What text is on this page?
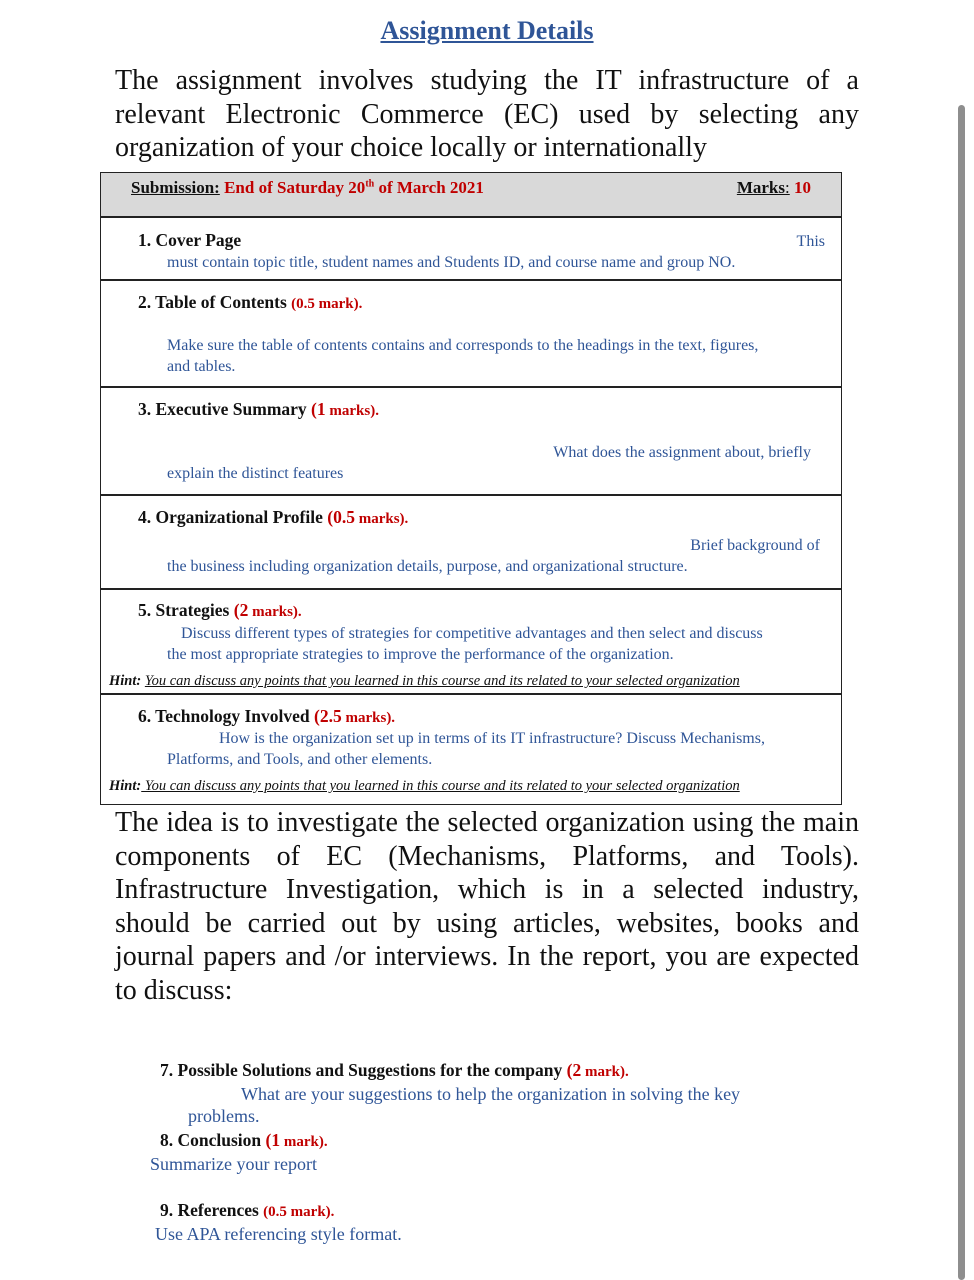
Assignment Details
The assignment involves studying the IT infrastructure of a relevant Electronic Commerce (EC) used by selecting any organization of your choice locally or internationally
Submission: End of Saturday 20th of March 2021	Marks: 10
1. Cover Page	This
must contain topic title, student names and Students ID, and course name and group NO.
2. Table of Contents (0.5 mark).
Make sure the table of contents contains and corresponds to the headings in the text, figures,
and tables.
3. Executive Summary (1 marks).
What does the assignment about, briefly
explain the distinct features
4. Organizational Profile (0.5 marks).
Brief background of
the business including organization details, purpose, and organizational structure.
5. Strategies (2 marks).
Discuss different types of strategies for competitive advantages and then select and discuss
the most appropriate strategies to improve the performance of the organization.
Hint: You can discuss any points that you learned in this course and its related to your selected organization
6. Technology Involved (2.5 marks).
How is the organization set up in terms of its IT infrastructure? Discuss Mechanisms,
Platforms, and Tools, and other elements.
Hint: You can discuss any points that you learned in this course and its related to your selected organization
The idea is to investigate the selected organization using the main components of EC (Mechanisms, Platforms, and Tools). Infrastructure Investigation, which is in a selected industry, should be carried out by using articles, websites, books and journal papers and /or interviews. In the report, you are expected to discuss:
7. Possible Solutions and Suggestions for the company (2 mark).
What are your suggestions to help the organization in solving the key
problems.
8. Conclusion (1 mark).
Summarize your report
9. References (0.5 mark).
Use APA referencing style format.
